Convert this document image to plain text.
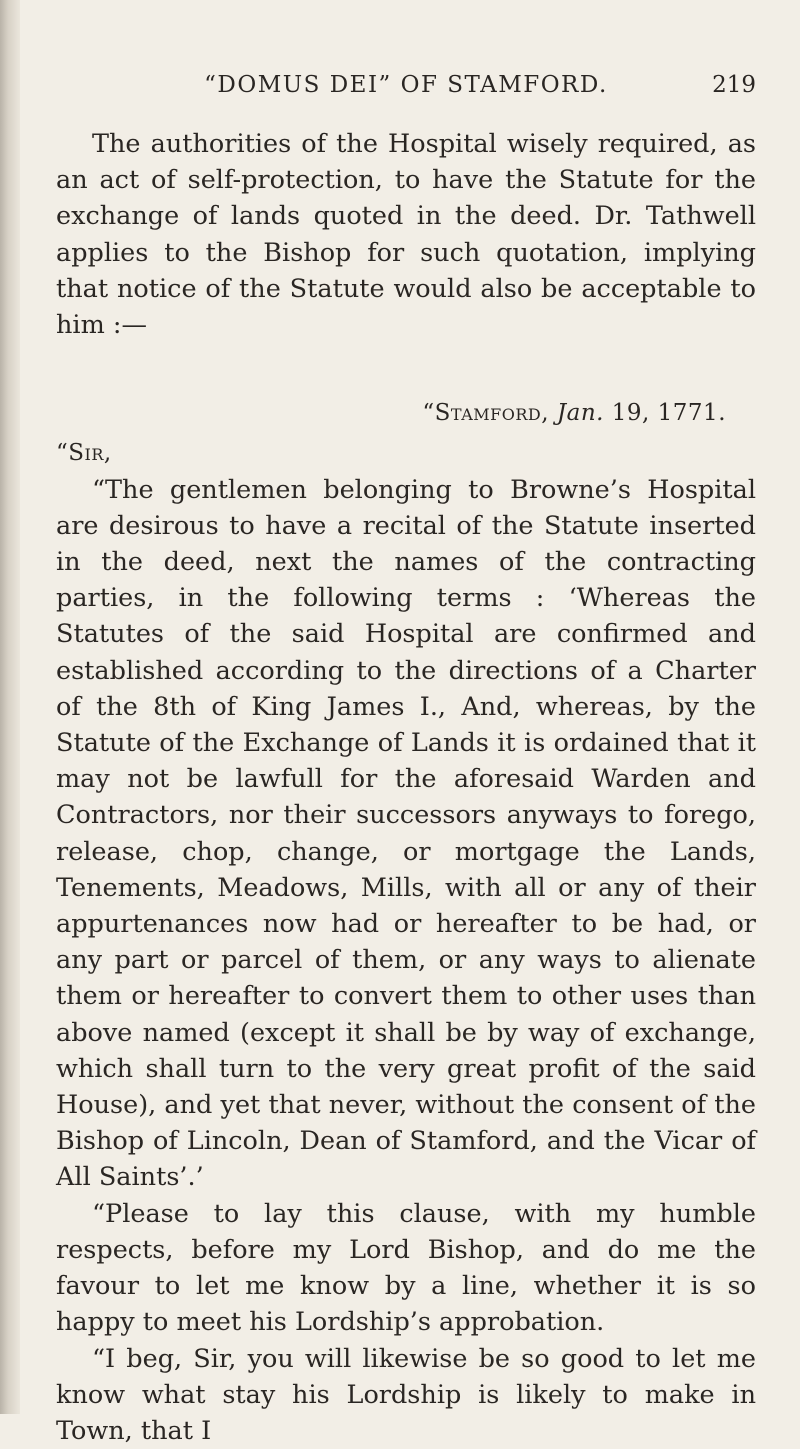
“DOMUS DEI” OF STAMFORD.	219

The authorities of the Hospital wisely required, as an act of self-protection, to have the Statute for the exchange of lands quoted in the deed. Dr. Tathwell applies to the Bishop for such quotation, implying that notice of the Statute would also be acceptable to him :—

“Stamford, Jan. 19, 1771.
“Sir,

“The gentlemen belonging to Browne’s Hospital are desirous to have a recital of the Statute inserted in the deed, next the names of the contracting parties, in the following terms : ‘Whereas the Statutes of the said Hospital are confirmed and established according to the directions of a Charter of the 8th of King James I., And, whereas, by the Statute of the Exchange of Lands it is ordained that it may not be lawfull for the aforesaid Warden and Contractors, nor their successors anyways to forego, release, chop, change, or mortgage the Lands, Tenements, Meadows, Mills, with all or any of their appurtenances now had or hereafter to be had, or any part or parcel of them, or any ways to alienate them or hereafter to convert them to other uses than above named (except it shall be by way of exchange, which shall turn to the very great profit of the said House), and yet that never, without the consent of the Bishop of Lincoln, Dean of Stamford, and the Vicar of All Saints’.’

“Please to lay this clause, with my humble respects, before my Lord Bishop, and do me the favour to let me know by a line, whether it is so happy to meet his Lordship’s approbation.

“I beg, Sir, you will likewise be so good to let me know what stay his Lordship is likely to make in Town, that I
